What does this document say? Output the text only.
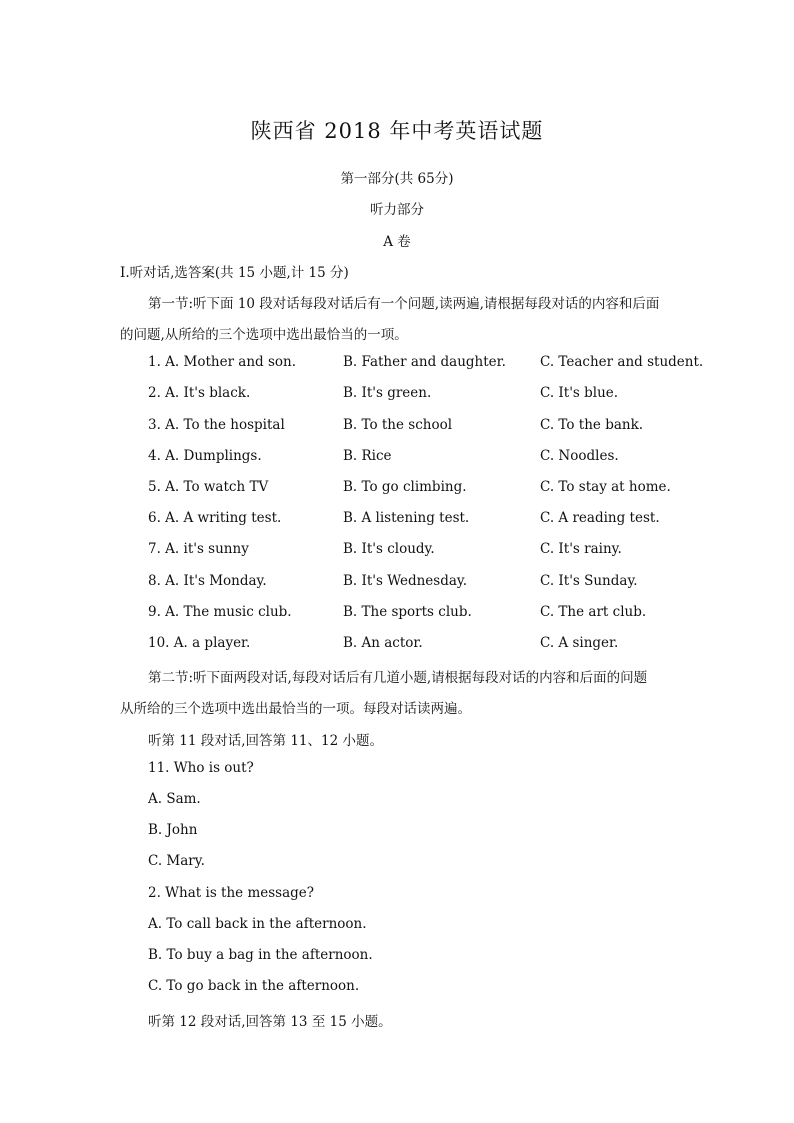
陕西省 2018 年中考英语试题
第一部分(共 65分)
听力部分
A 卷
I.听对话,选答案(共 15 小题,计 15 分)
第一节:听下面 10 段对话每段对话后有一个问题,读两遍,请根据每段对话的内容和后面
的问题,从所给的三个选项中选出最恰当的一项。
1. A. Mother and son.	B. Father and daughter.	C. Teacher and student.
2. A. It's black.	B. It's green.	C. It's blue.
3. A. To the hospital	B. To the school	C. To the bank.
4. A. Dumplings.	B. Rice	C. Noodles.
5. A. To watch TV	B. To go climbing.	C. To stay at home.
6. A. A writing test.	B. A listening test.	C. A reading test.
7. A. it's sunny	B. It's cloudy.	C. It's rainy.
8. A. It's Monday.	B. It's Wednesday.	C. It's Sunday.
9. A. The music club.	B. The sports club.	C. The art club.
10. A. a player.	B. An actor.	C. A singer.
第二节:听下面两段对话,每段对话后有几道小题,请根据每段对话的内容和后面的问题
从所给的三个选项中选出最恰当的一项。每段对话读两遍。
听第 11 段对话,回答第 11、12 小题。
11. Who is out?
A. Sam.
B. John
C. Mary.
2. What is the message?
A. To call back in the afternoon.
B. To buy a bag in the afternoon.
C. To go back in the afternoon.
听第 12 段对话,回答第 13 至 15 小题。
